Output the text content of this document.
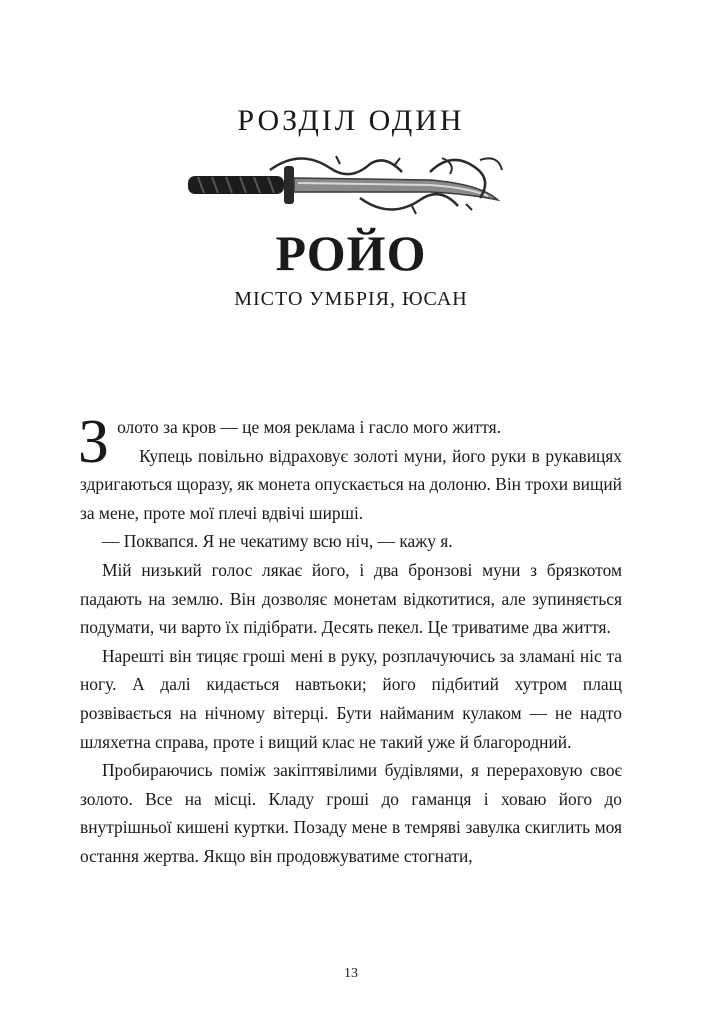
РОЗДІЛ ОДИН
РОЙО
МІСТО УМБРІЯ, ЮСАН

Золото за кров — це моя реклама і гасло мого життя.

Купець повільно відраховує золоті муни, його руки в рукавицях здригаються щоразу, як монета опускається на долоню. Він трохи вищий за мене, проте мої плечі вдвічі ширші.

— Поквапся. Я не чекатиму всю ніч, — кажу я.

Мій низький голос лякає його, і два бронзові муни з брязкотом падають на землю. Він дозволяє монетам відкотитися, але зупиняється подумати, чи варто їх підібрати. Десять пекел. Це триватиме два життя.

Нарешті він тицяє гроші мені в руку, розплачуючись за зламані ніс та ногу. А далі кидається навтьоки; його підбитий хутром плащ розвівається на нічному вітерці. Бути найманим кулаком — не надто шляхетна справа, проте і вищий клас не такий уже й благородний.

Пробираючись поміж закіптявілими будівлями, я перераховую своє золото. Все на місці. Кладу гроші до гаманця і ховаю його до внутрішньої кишені куртки. Позаду мене в темряві завулка скиглить моя остання жертва. Якщо він продовжуватиме стогнати,

13
